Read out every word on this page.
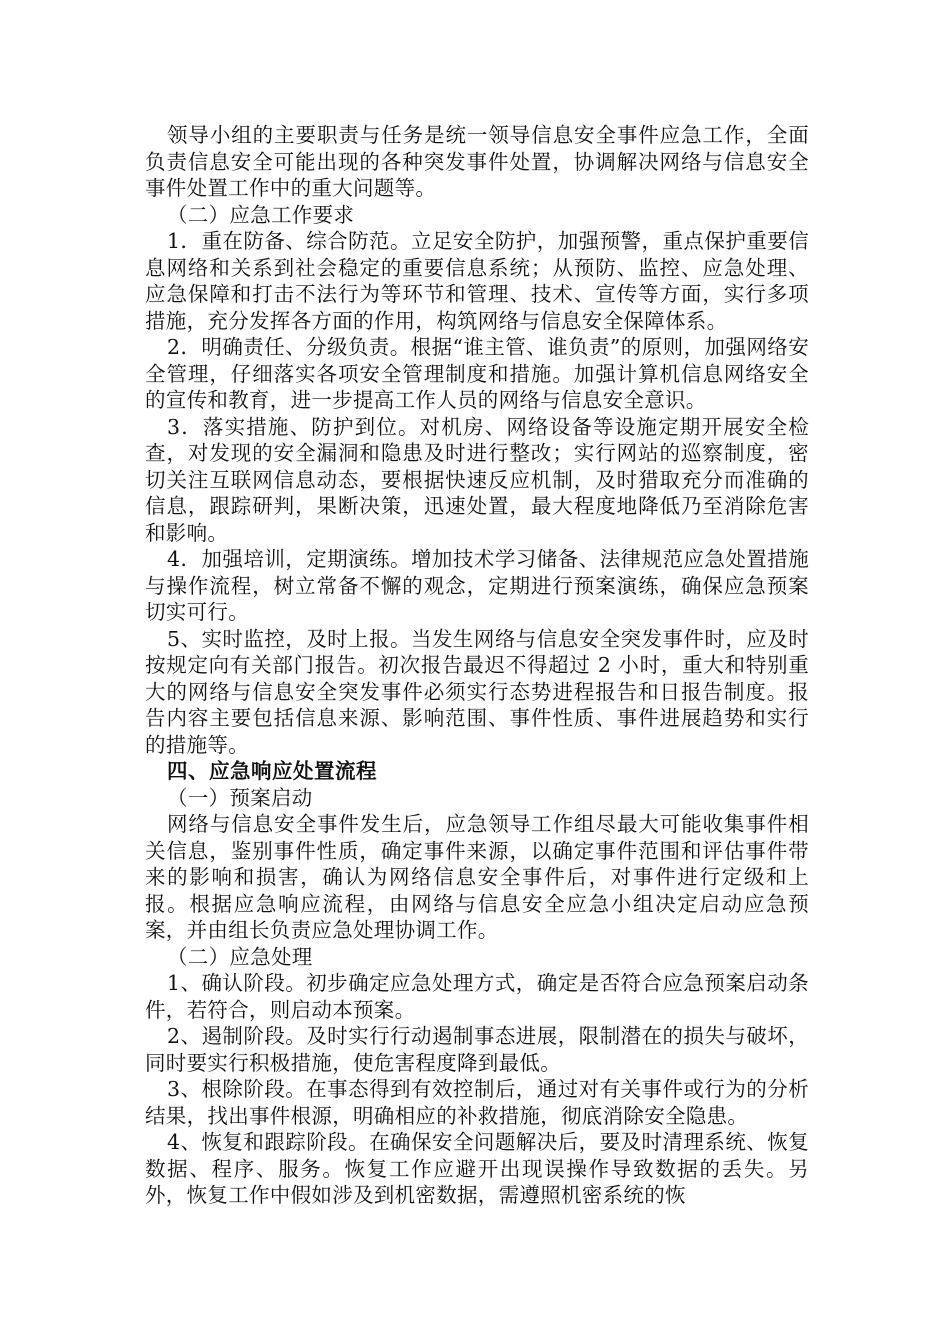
领导小组的主要职责与任务是统一领导信息安全事件应急工作，全面负责信息安全可能出现的各种突发事件处置，协调解决网络与信息安全事件处置工作中的重大问题等。

（二）应急工作要求

1．重在防备、综合防范。立足安全防护，加强预警，重点保护重要信息网络和关系到社会稳定的重要信息系统；从预防、监控、应急处理、应急保障和打击不法行为等环节和管理、技术、宣传等方面，实行多项措施，充分发挥各方面的作用，构筑网络与信息安全保障体系。

2．明确责任、分级负责。根据“谁主管、谁负责”的原则，加强网络安全管理，仔细落实各项安全管理制度和措施。加强计算机信息网络安全的宣传和教育，进一步提高工作人员的网络与信息安全意识。

3．落实措施、防护到位。对机房、网络设备等设施定期开展安全检查，对发现的安全漏洞和隐患及时进行整改；实行网站的巡察制度，密切关注互联网信息动态，要根据快速反应机制，及时猎取充分而准确的信息，跟踪研判，果断决策，迅速处置，最大程度地降低乃至消除危害和影响。

4．加强培训，定期演练。增加技术学习储备、法律规范应急处置措施与操作流程，树立常备不懈的观念，定期进行预案演练，确保应急预案切实可行。

5、实时监控，及时上报。当发生网络与信息安全突发事件时，应及时按规定向有关部门报告。初次报告最迟不得超过 2 小时，重大和特别重大的网络与信息安全突发事件必须实行态势进程报告和日报告制度。报告内容主要包括信息来源、影响范围、事件性质、事件进展趋势和实行的措施等。

四、应急响应处置流程

（一）预案启动

网络与信息安全事件发生后，应急领导工作组尽最大可能收集事件相关信息，鉴别事件性质，确定事件来源，以确定事件范围和评估事件带来的影响和损害，确认为网络信息安全事件后，对事件进行定级和上报。根据应急响应流程，由网络与信息安全应急小组决定启动应急预案，并由组长负责应急处理协调工作。

（二）应急处理

1、确认阶段。初步确定应急处理方式，确定是否符合应急预案启动条件，若符合，则启动本预案。

2、遏制阶段。及时实行行动遏制事态进展，限制潜在的损失与破坏，同时要实行积极措施，使危害程度降到最低。

3、根除阶段。在事态得到有效控制后，通过对有关事件或行为的分析结果，找出事件根源，明确相应的补救措施，彻底消除安全隐患。

4、恢复和跟踪阶段。在确保安全问题解决后，要及时清理系统、恢复数据、程序、服务。恢复工作应避开出现误操作导致数据的丢失。另外，恢复工作中假如涉及到机密数据，需遵照机密系统的恢
